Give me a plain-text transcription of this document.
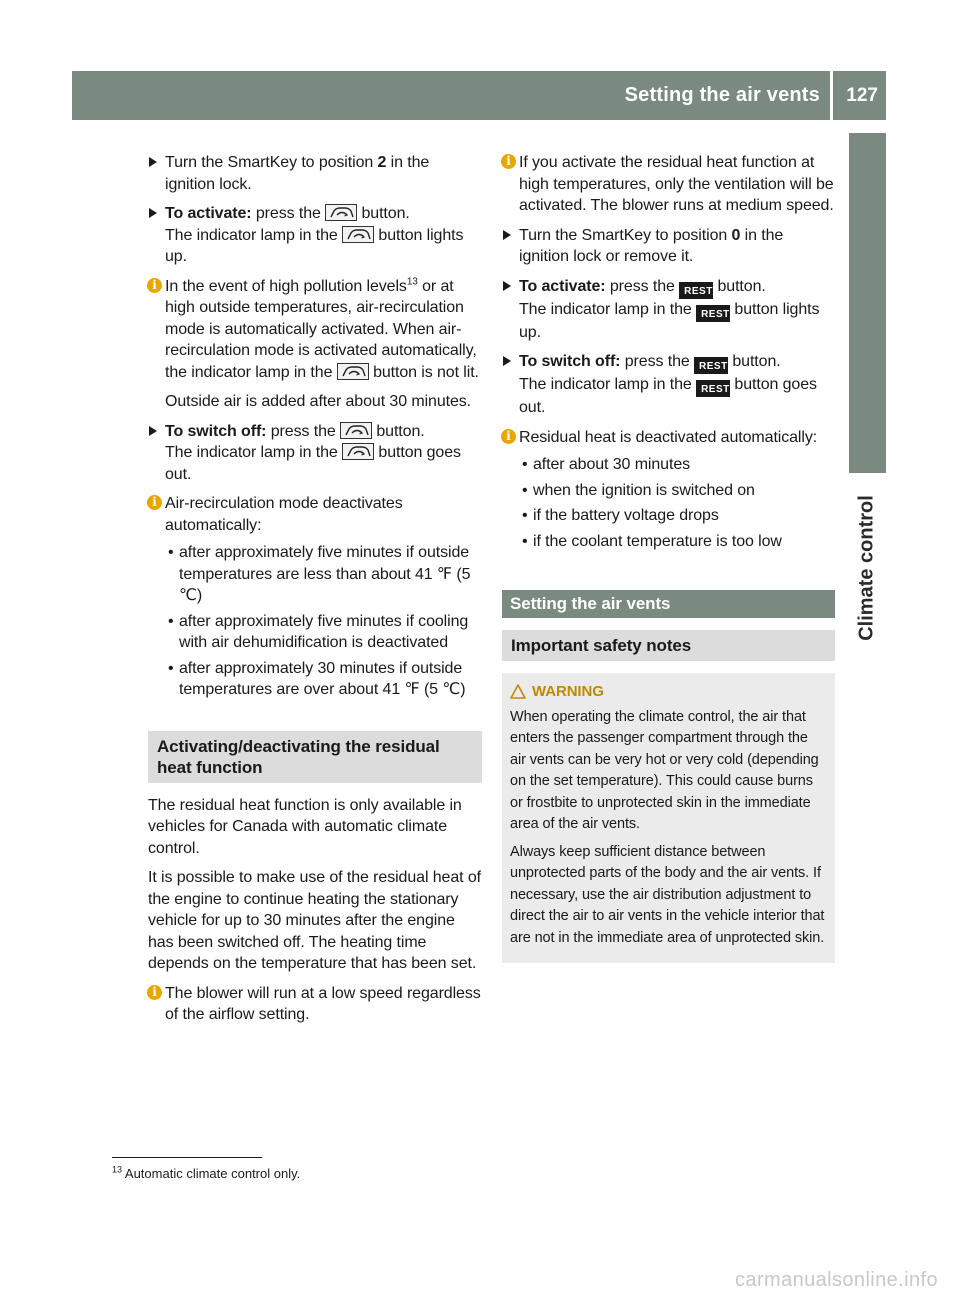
Setting the air vents 127
Climate control
Turn the SmartKey to position 2 in the ignition lock.
To activate: press the
button.
The indicator lamp in the
button lights up.
i In the event of high pollution levels$^{13}$ or at high outside temperatures, air-recirculation mode is automatically activated. When air-recirculation mode is activated automatically, the indicator lamp in the
button is not lit.
Outside air is added after about 30 minutes.
To switch off: press the
button.
The indicator lamp in the
button goes out.
i Air-recirculation mode deactivates automatically:
• after approximately five minutes if outside temperatures are less than about 41 ℉ (5 ℃)
• after approximately five minutes if cooling with air dehumidification is deactivated
• after approximately 30 minutes if outside temperatures are over about 41 ℉ (5 ℃)
Activating/deactivating the residual heat function

The residual heat function is only available in vehicles for Canada with automatic climate control.

It is possible to make use of the residual heat of the engine to continue heating the stationary vehicle for up to 30 minutes after the engine has been switched off. The heating time depends on the temperature that has been set.

i The blower will run at a low speed regardless of the airflow setting.
i If you activate the residual heat function at high temperatures, only the ventilation will be activated. The blower runs at medium speed.
Turn the SmartKey to position 0 in the ignition lock or remove it.
To activate: press the REST button.
The indicator lamp in the REST button lights up.
To switch off: press the REST button.
The indicator lamp in the REST button goes out.
i Residual heat is deactivated automatically:
• after about 30 minutes
• when the ignition is switched on
• if the battery voltage drops
• if the coolant temperature is too low
Setting the air vents
Important safety notes
WARNING

When operating the climate control, the air that enters the passenger compartment through the air vents can be very hot or very cold (depending on the set temperature). This could cause burns or frostbite to unprotected skin in the immediate area of the air vents.

Always keep sufficient distance between unprotected parts of the body and the air vents. If necessary, use the air distribution adjustment to direct the air to air vents in the vehicle interior that are not in the immediate area of unprotected skin.

$^{13}$ Automatic climate control only.
carmanualsonline.info
